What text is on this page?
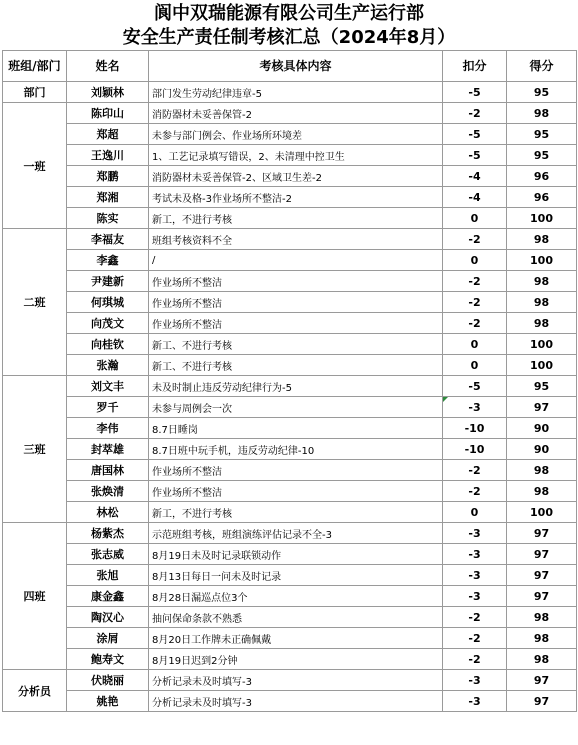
阆中双瑞能源有限公司生产运行部
安全生产责任制考核汇总（2024年8月）
班组/部门	姓名	考核具体内容	扣分	得分
部门	刘颖林	部门发生劳动纪律违章-5	-5	95
一班	陈印山	消防器材未妥善保管-2	-2	98
	郑超	未参与部门例会、作业场所环境差	-5	95
	王逸川	1、工艺记录填写错误，2、未清理中控卫生	-5	95
	郑鹏	消防器材未妥善保管-2、区域卫生差-2	-4	96
	郑湘	考试未及格-3作业场所不整洁-2	-4	96
	陈实	新工，不进行考核	0	100
二班	李福友	班组考核资料不全	-2	98
	李鑫	/	0	100
	尹建新	作业场所不整洁	-2	98
	何琪城	作业场所不整洁	-2	98
	向茂文	作业场所不整洁	-2	98
	向桂钦	新工、不进行考核	0	100
	张瀚	新工、不进行考核	0	100
三班	刘文丰	未及时制止违反劳动纪律行为-5	-5	95
	罗千	未参与周例会一次	-3	97
	李伟	8.7日睡岗	-10	90
	封萃雄	8.7日班中玩手机，违反劳动纪律-10	-10	90
	唐国林	作业场所不整洁	-2	98
	张焕清	作业场所不整洁	-2	98
	林松	新工，不进行考核	0	100
四班	杨紫杰	示范班组考核，班组演练评估记录不全-3	-3	97
	张志威	8月19日未及时记录联锁动作	-3	97
	张旭	8月13日每日一问未及时记录	-3	97
	康金鑫	8月28日漏巡点位3个	-3	97
	陶汉心	抽问保命条款不熟悉	-2	98
	涂屑	8月20日工作牌未正确佩戴	-2	98
	鲍寿文	8月19日迟到2分钟	-2	98
分析员	伏晓丽	分析记录未及时填写-3	-3	97
	姚艳	分析记录未及时填写-3	-3	97
